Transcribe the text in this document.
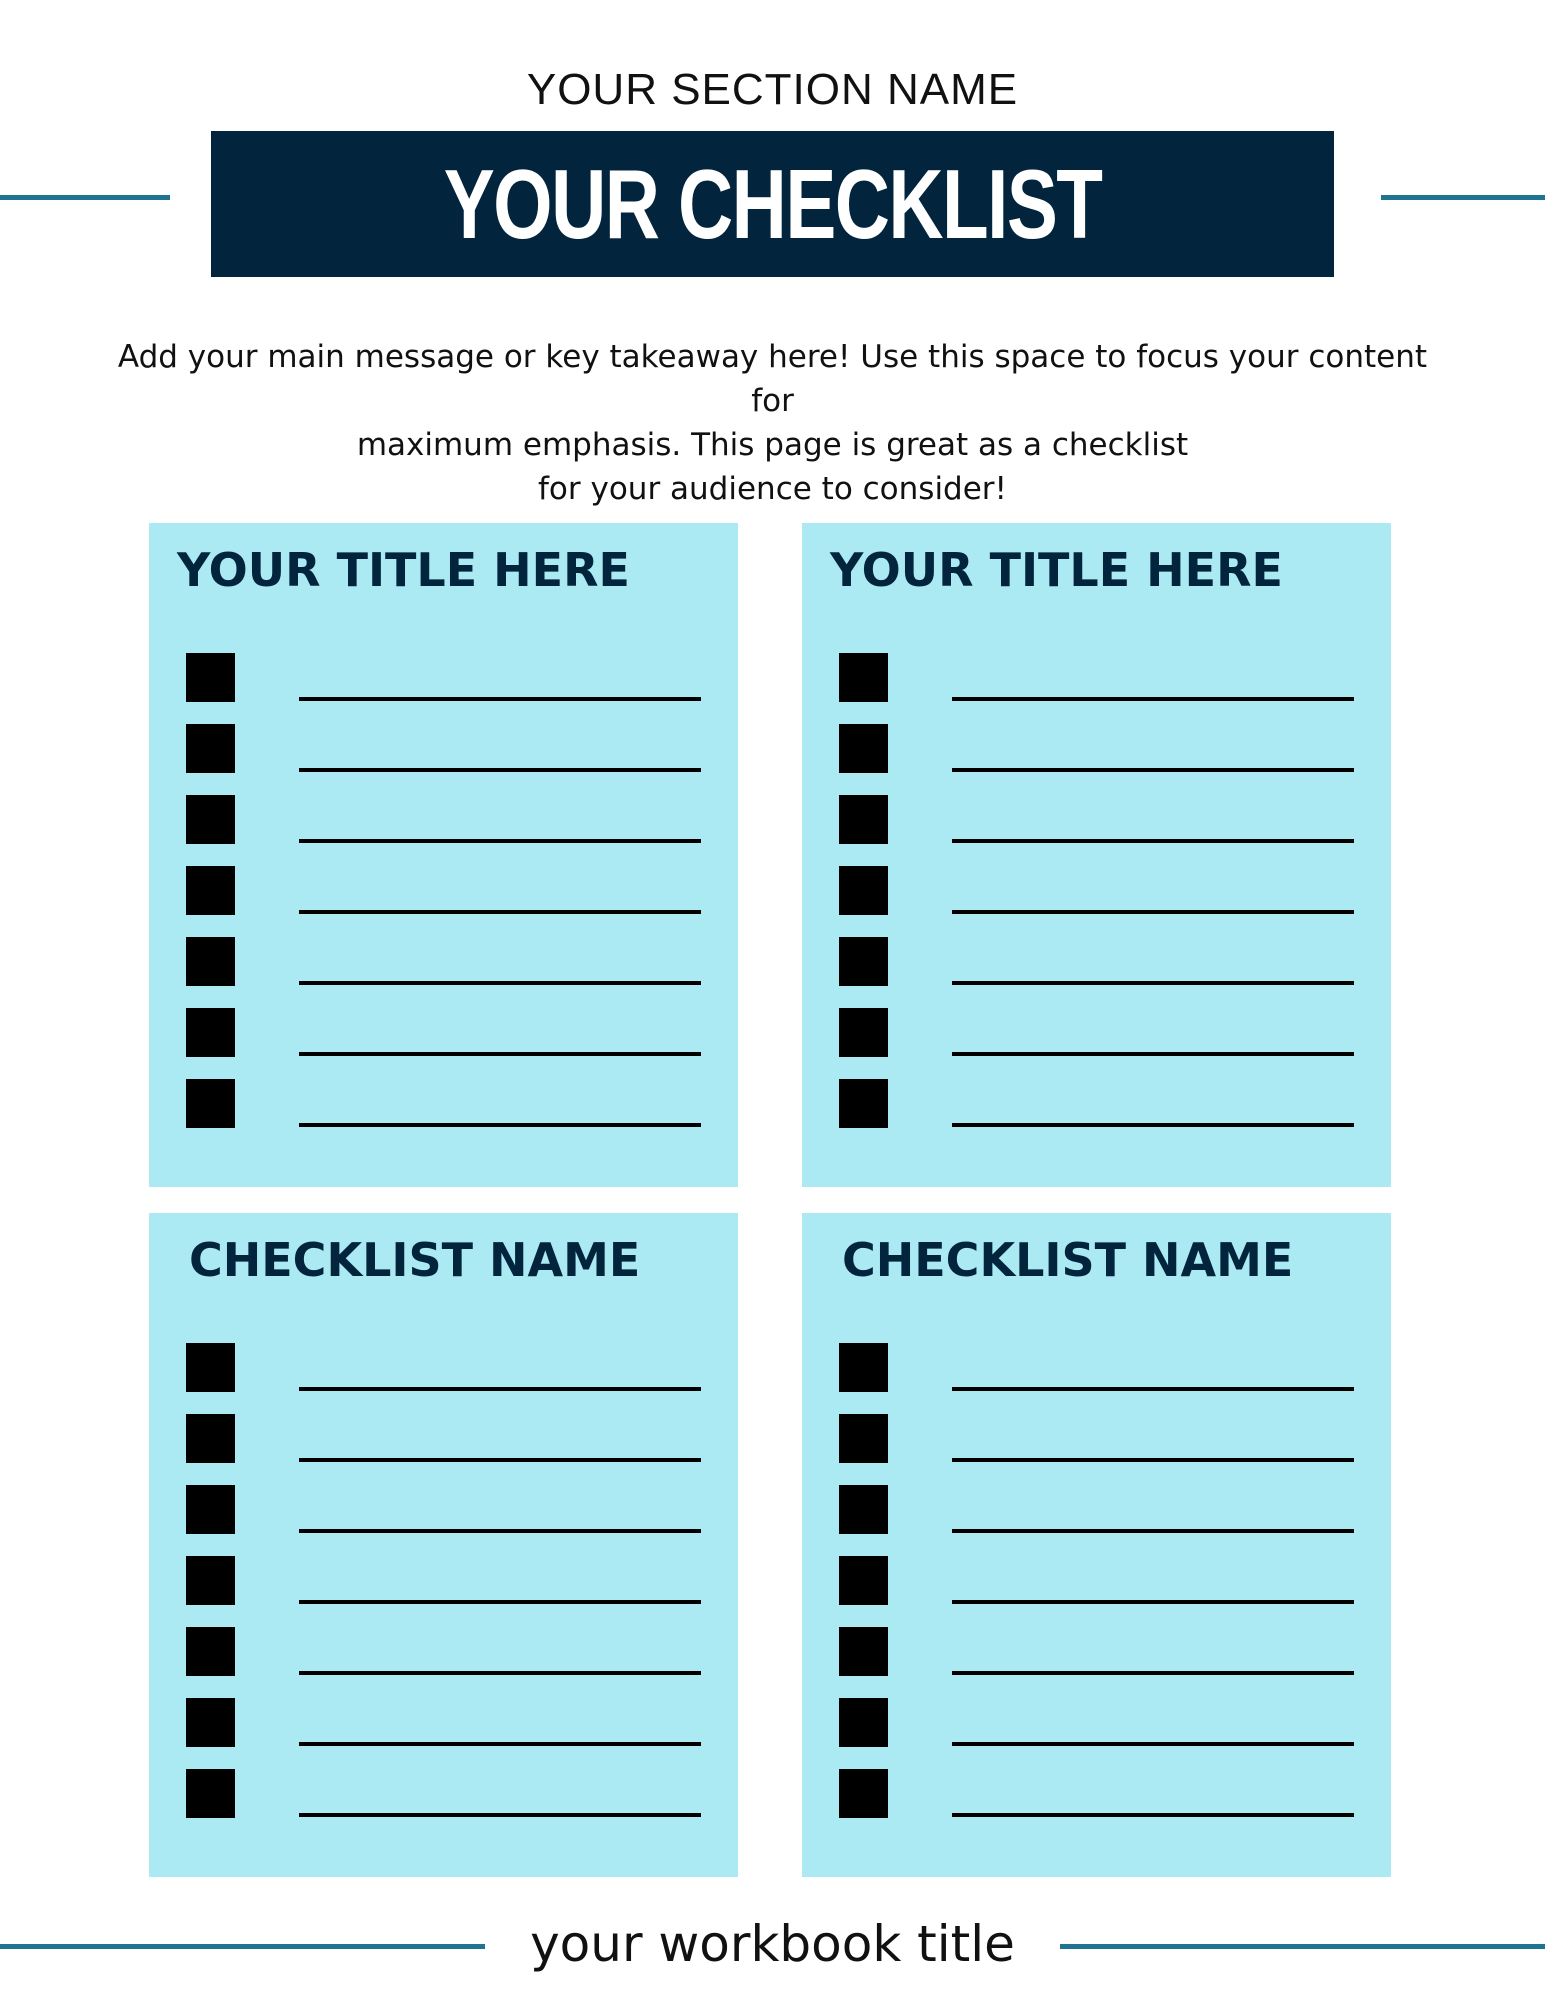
YOUR SECTION NAME
YOUR CHECKLIST

Add your main message or key takeaway here! Use this space to focus your content for
maximum emphasis. This page is great as a checklist
for your audience to consider!

YOUR TITLE HERE	YOUR TITLE HERE
CHECKLIST NAME	CHECKLIST NAME
your workbook title
